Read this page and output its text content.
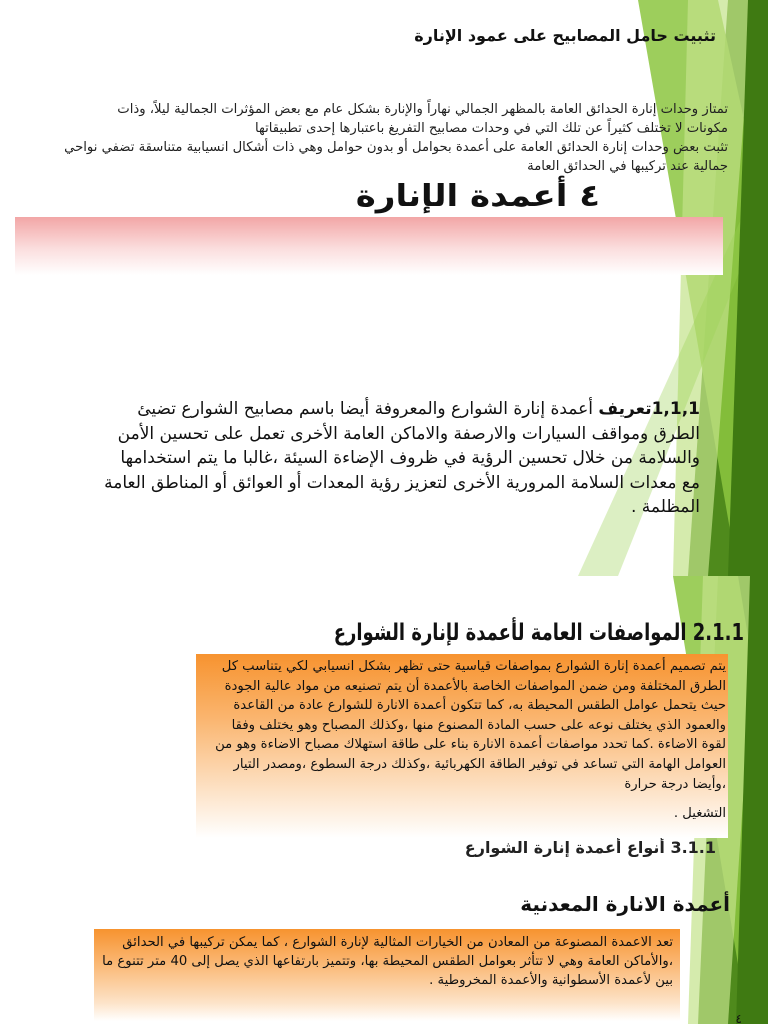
تثبيت حامل المصابيح على عمود الإنارة
تمتاز وحدات إنارة الحدائق العامة بالمظهر الجمالي نهاراً والإنارة بشكل عام مع بعض المؤثرات الجمالية ليلاً، وذات
مكونات لا تختلف كثيراً عن تلك التي في وحدات مصابيح التفريغ باعتبارها إحدى تطبيقاتها
تثبت بعض وحدات إنارة الحدائق العامة على أعمدة بحوامل أو بدون حوامل وهي ذات أشكال انسيابية متناسقة تضفي نواحي جمالية عند تركيبها في الحدائق العامة
٤ أعمدة الإنارة
1,1,1تعريف أعمدة إنارة الشوارع والمعروفة أيضا باسم مصابيح الشوارع تضيئ الطرق ومواقف السيارات والارصفة والاماكن العامة الأخرى تعمل على تحسين الأمن والسلامة من خلال تحسين الرؤية في ظروف الإضاءة السيئة ،غالبا ما يتم استخدامها مع معدات السلامة المرورية الأخرى لتعزيز رؤية المعدات أو العوائق أو المناطق العامة المظلمة .
2.1.1 المواصفات العامة لأعمدة لإنارة الشوارع
3.1.1 أنواع أعمدة إنارة الشوارع
يتم تصميم أعمدة إنارة الشوارع بمواصفات قياسية حتى تظهر بشكل انسيابي لكي يتناسب كل الطرق المختلفة ومن ضمن المواصفات الخاصة بالأعمدة أن يتم تصنيعه من مواد عالية الجودة حيث يتحمل عوامل الطقس المحيطة به، كما تتكون أعمدة الانارة للشوارع عادة من القاعدة والعمود الذي يختلف نوعه على حسب المادة المصنوع منها ،وكذلك المصباح وهو يختلف وفقا لقوة الاضاءة .كما تحدد مواصفات أعمدة الانارة بناء على طاقة استهلاك مصباح الاضاءة وهو من العوامل الهامة التي تساعد في توفير الطاقة الكهربائية ،وكذلك درجة السطوع ،ومصدر التيار ،وأيضا درجة حرارة
التشغيل .
أعمدة الانارة المعدنية
تعد الاعمدة المصنوعة من المعادن من الخيارات المثالية لإنارة الشوارع ، كما يمكن تركيبها في الحدائق ،والأماكن العامة وهي لا تتأثر بعوامل الطقس المحيطة بها، وتتميز بارتفاعها الذي يصل إلى 40 متر تتنوع ما بين لأعمدة الأسطوانية والأعمدة المخروطية .
٤
